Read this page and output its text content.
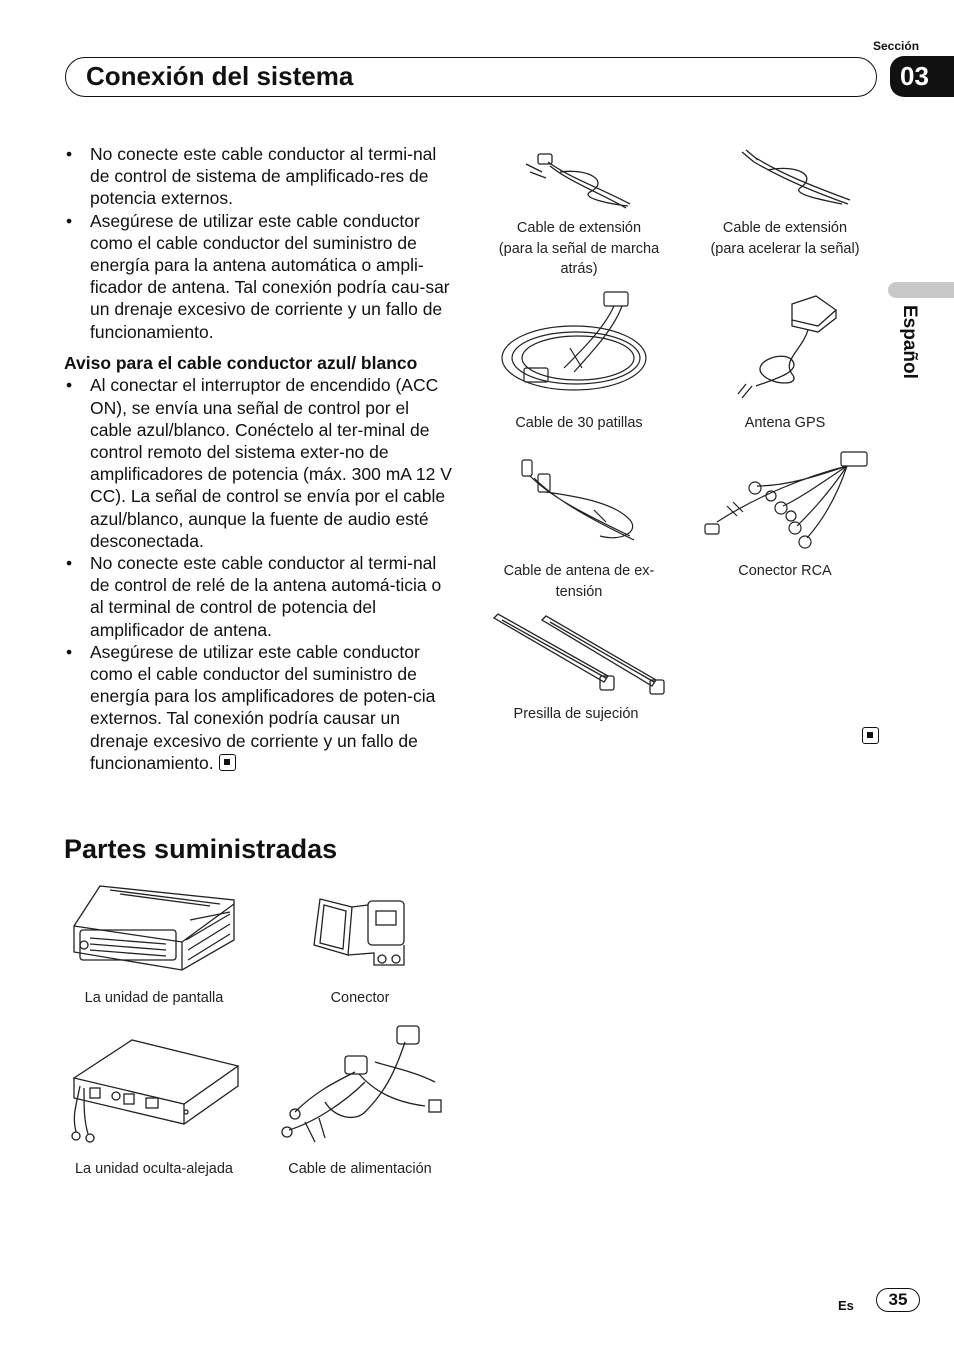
Sección
03
Conexión del sistema
Español
• No conecte este cable conductor al termi-nal de control de sistema de amplificado-res de potencia externos.
• Asegúrese de utilizar este cable conductor como el cable conductor del suministro de energía para la antena automática o ampli-ficador de antena. Tal conexión podría cau-sar un drenaje excesivo de corriente y un fallo de funcionamiento.
Aviso para el cable conductor azul/ blanco
• Al conectar el interruptor de encendido (ACC ON), se envía una señal de control por el cable azul/blanco. Conéctelo al ter-minal de control remoto del sistema exter-no de amplificadores de potencia (máx. 300 mA 12 V CC). La señal de control se envía por el cable azul/blanco, aunque la fuente de audio esté desconectada.
• No conecte este cable conductor al termi-nal de control de relé de la antena automá-ticia o al terminal de control de potencia del amplificador de antena.
• Asegúrese de utilizar este cable conductor como el cable conductor del suministro de energía para los amplificadores de poten-cia externos. Tal conexión podría causar un drenaje excesivo de corriente y un fallo de funcionamiento.
Partes suministradas
La unidad de pantalla	Conector
La unidad oculta-alejada	Cable de alimentación
Cable de extensión
(para la señal de marcha
atrás)
Cable de extensión
(para acelerar la señal)
Cable de 30 patillas	Antena GPS
Cable de antena de ex-
tensión
Conector RCA
Presilla de sujeción
Es	35
